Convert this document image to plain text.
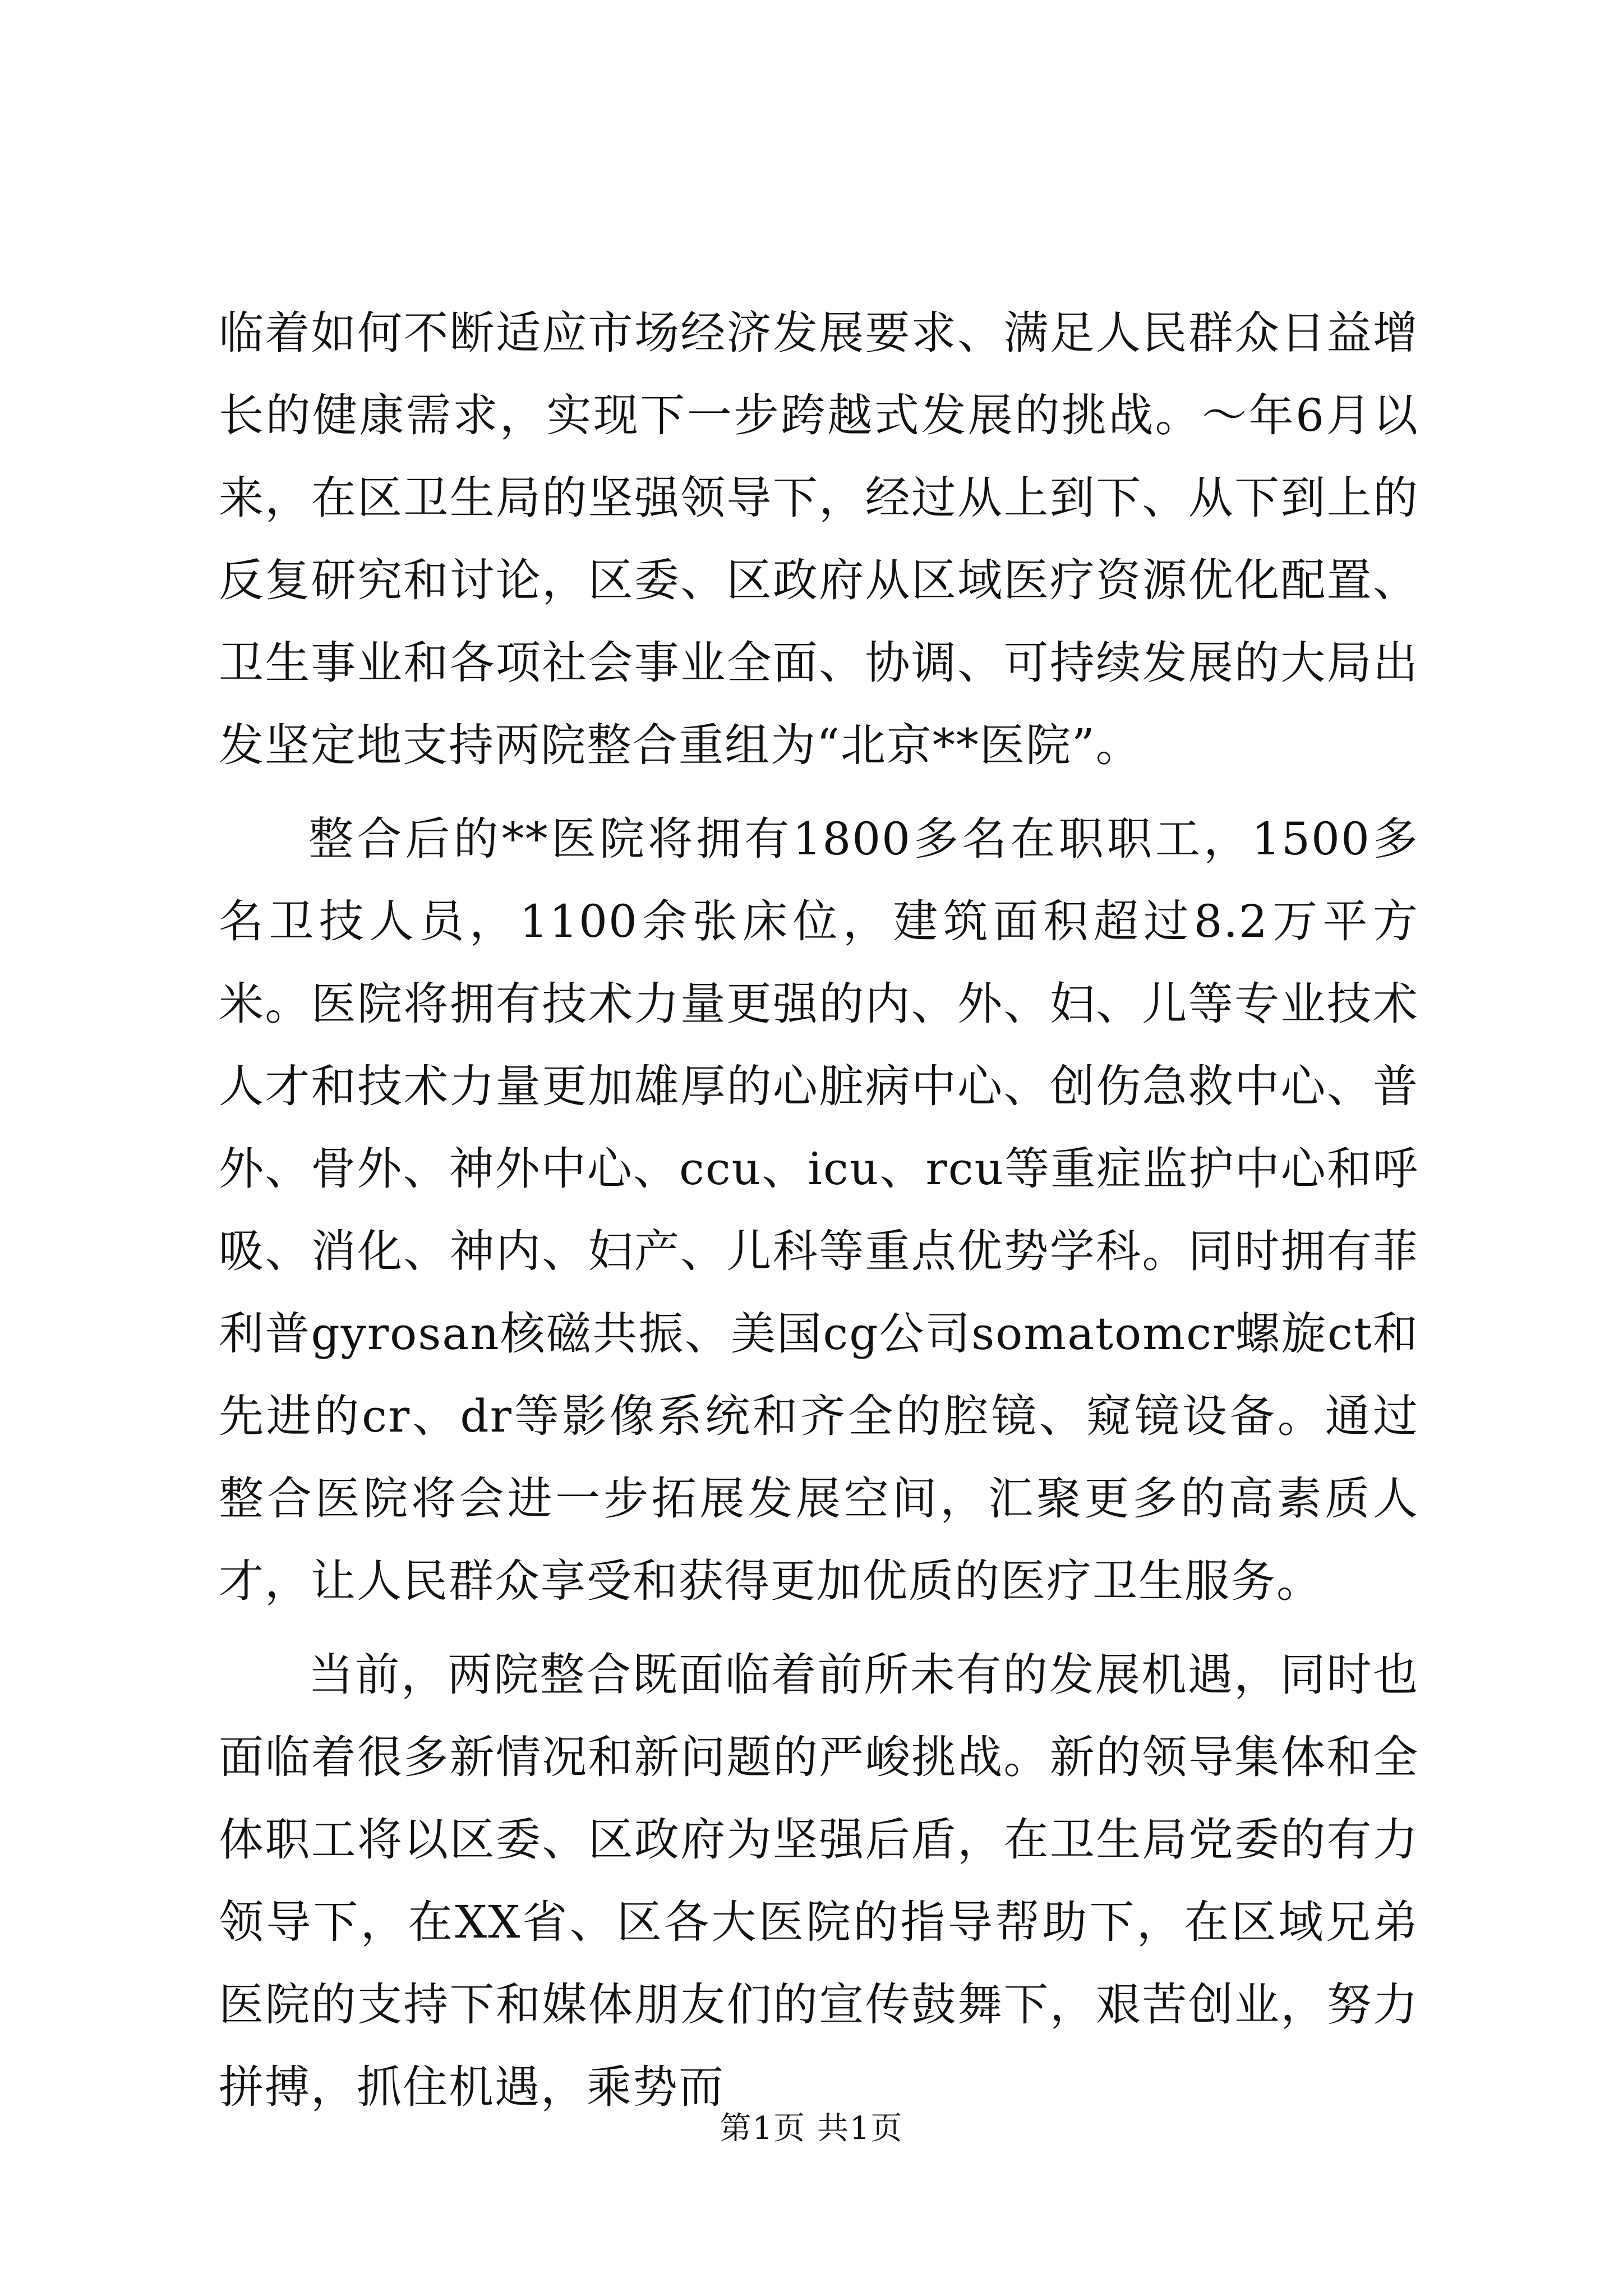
临着如何不断适应市场经济发展要求、满足人民群众日益增长的健康需求，实现下一步跨越式发展的挑战。～年6月以来，在区卫生局的坚强领导下，经过从上到下、从下到上的反复研究和讨论，区委、区政府从区域医疗资源优化配置、卫生事业和各项社会事业全面、协调、可持续发展的大局出发坚定地支持两院整合重组为“北京**医院”。

整合后的**医院将拥有1800多名在职职工，1500多名卫技人员，1100余张床位，建筑面积超过8.2万平方米。医院将拥有技术力量更强的内、外、妇、儿等专业技术人才和技术力量更加雄厚的心脏病中心、创伤急救中心、普外、骨外、神外中心、ccu、icu、rcu等重症监护中心和呼吸、消化、神内、妇产、儿科等重点优势学科。同时拥有菲利普gyrosan核磁共振、美国cg公司somatomcr螺旋ct和先进的cr、dr等影像系统和齐全的腔镜、窥镜设备。通过整合医院将会进一步拓展发展空间，汇聚更多的高素质人才，让人民群众享受和获得更加优质的医疗卫生服务。

当前，两院整合既面临着前所未有的发展机遇，同时也面临着很多新情况和新问题的严峻挑战。新的领导集体和全体职工将以区委、区政府为坚强后盾，在卫生局党委的有力领导下，在XX省、区各大医院的指导帮助下，在区域兄弟医院的支持下和媒体朋友们的宣传鼓舞下，艰苦创业，努力拼搏，抓住机遇，乘势而

第1页 共1页
